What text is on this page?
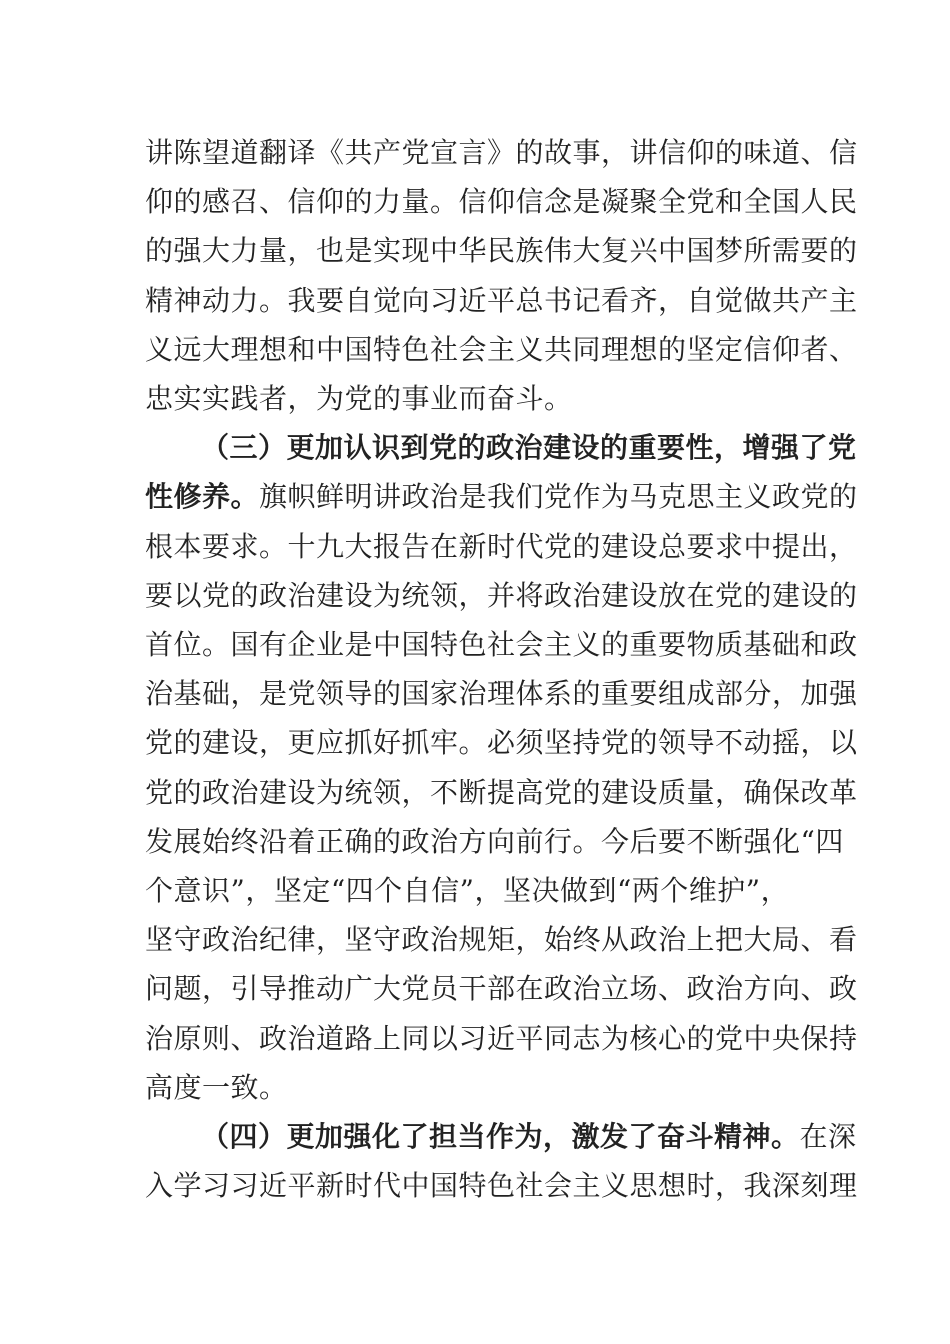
讲陈望道翻译《共产党宣言》的故事，讲信仰的味道、信
仰的感召、信仰的力量。信仰信念是凝聚全党和全国人民
的强大力量，也是实现中华民族伟大复兴中国梦所需要的
精神动力。我要自觉向习近平总书记看齐，自觉做共产主
义远大理想和中国特色社会主义共同理想的坚定信仰者、
忠实实践者，为党的事业而奋斗。
（三）更加认识到党的政治建设的重要性，增强了党
性修养。旗帜鲜明讲政治是我们党作为马克思主义政党的
根本要求。十九大报告在新时代党的建设总要求中提出，
要以党的政治建设为统领，并将政治建设放在党的建设的
首位。国有企业是中国特色社会主义的重要物质基础和政
治基础，是党领导的国家治理体系的重要组成部分，加强
党的建设，更应抓好抓牢。必须坚持党的领导不动摇，以
党的政治建设为统领，不断提高党的建设质量，确保改革
发展始终沿着正确的政治方向前行。今后要不断强化“四
个意识”，坚定“四个自信”，坚决做到“两个维护”，
坚守政治纪律，坚守政治规矩，始终从政治上把大局、看
问题，引导推动广大党员干部在政治立场、政治方向、政
治原则、政治道路上同以习近平同志为核心的党中央保持
高度一致。
（四）更加强化了担当作为，激发了奋斗精神。在深
入学习习近平新时代中国特色社会主义思想时，我深刻理
